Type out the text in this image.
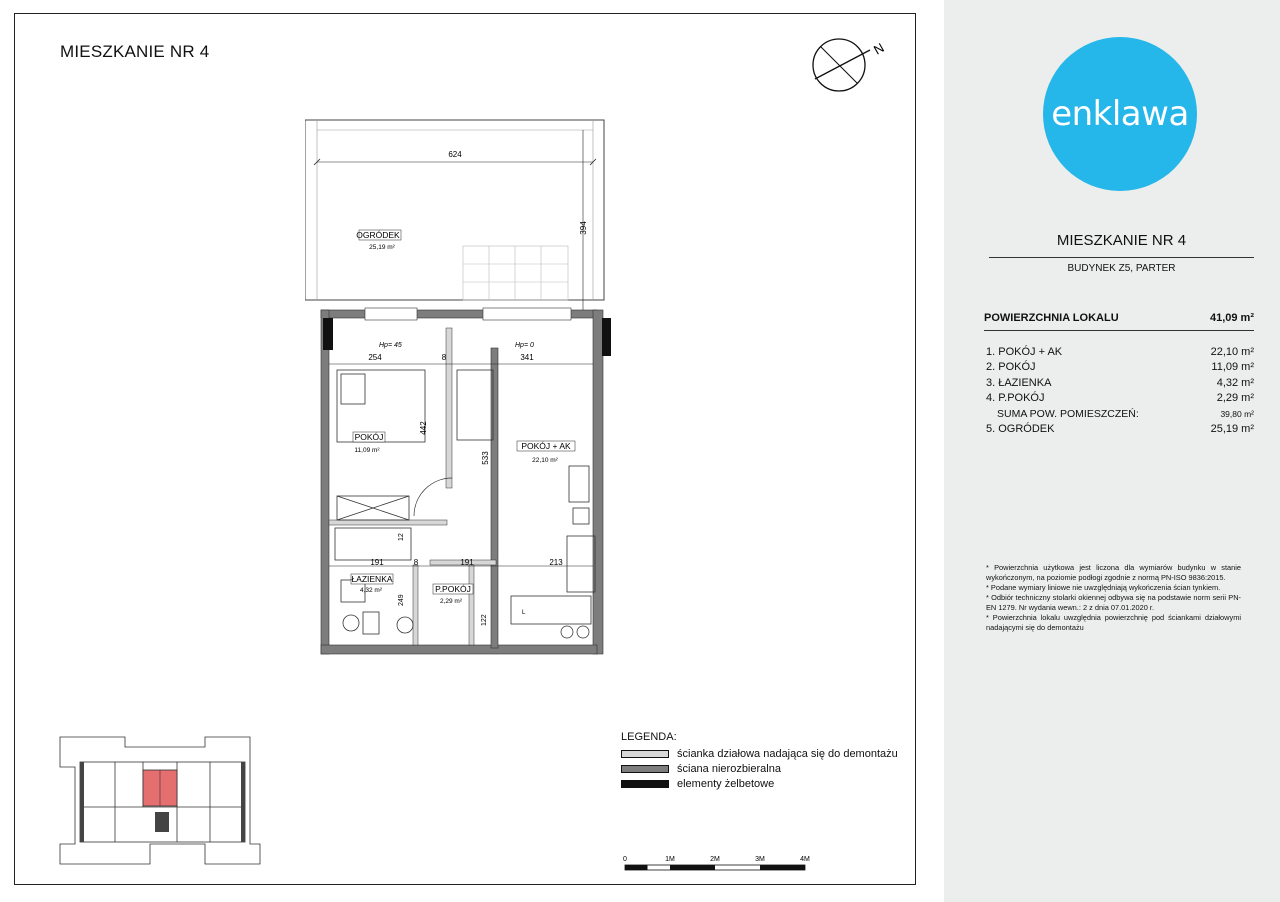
MIESZKANIE NR 4	N
624
394
OGRÓDEK
25,19 m²
254	8	341
Hp= 45	Hp= 0
442
533
191	8	191	213
12
249
122
POKÓJ
11,09 m²	POKÓJ + AK
22,10 m²
ŁAZIENKA
4,32 m²	P.POKÓJ
2,29 m²
L
LEGENDA:
ścianka działowa nadająca się do demontażu
ściana nierozbieralna
elementy żelbetowe
0	1M	2M	3M	4M
enklawa
MIESZKANIE NR 4
BUDYNEK Z5, PARTER
POWIERZCHNIA LOKALU	41,09 m²
1. POKÓJ + AK	22,10 m²
2. POKÓJ	11,09 m²
3. ŁAZIENKA	4,32 m²
4. P.POKÓJ	2,29 m²
SUMA POW. POMIESZCZEŃ:	39,80 m²
5. OGRÓDEK	25,19 m²

* Powierzchnia użytkowa jest liczona dla wymiarów budynku w stanie wykończonym, na poziomie podłogi zgodnie z normą PN-ISO 9836:2015.

* Podane wymiary liniowe nie uwzględniają wykończenia ścian tynkiem.

* Odbiór techniczny stolarki okiennej odbywa się na podstawie norm serii PN-EN 1279. Nr wydania wewn.: 2 z dnia 07.01.2020 r.

* Powierzchnia lokalu uwzględnia powierzchnię pod ściankami działowymi nadającymi się do demontażu
